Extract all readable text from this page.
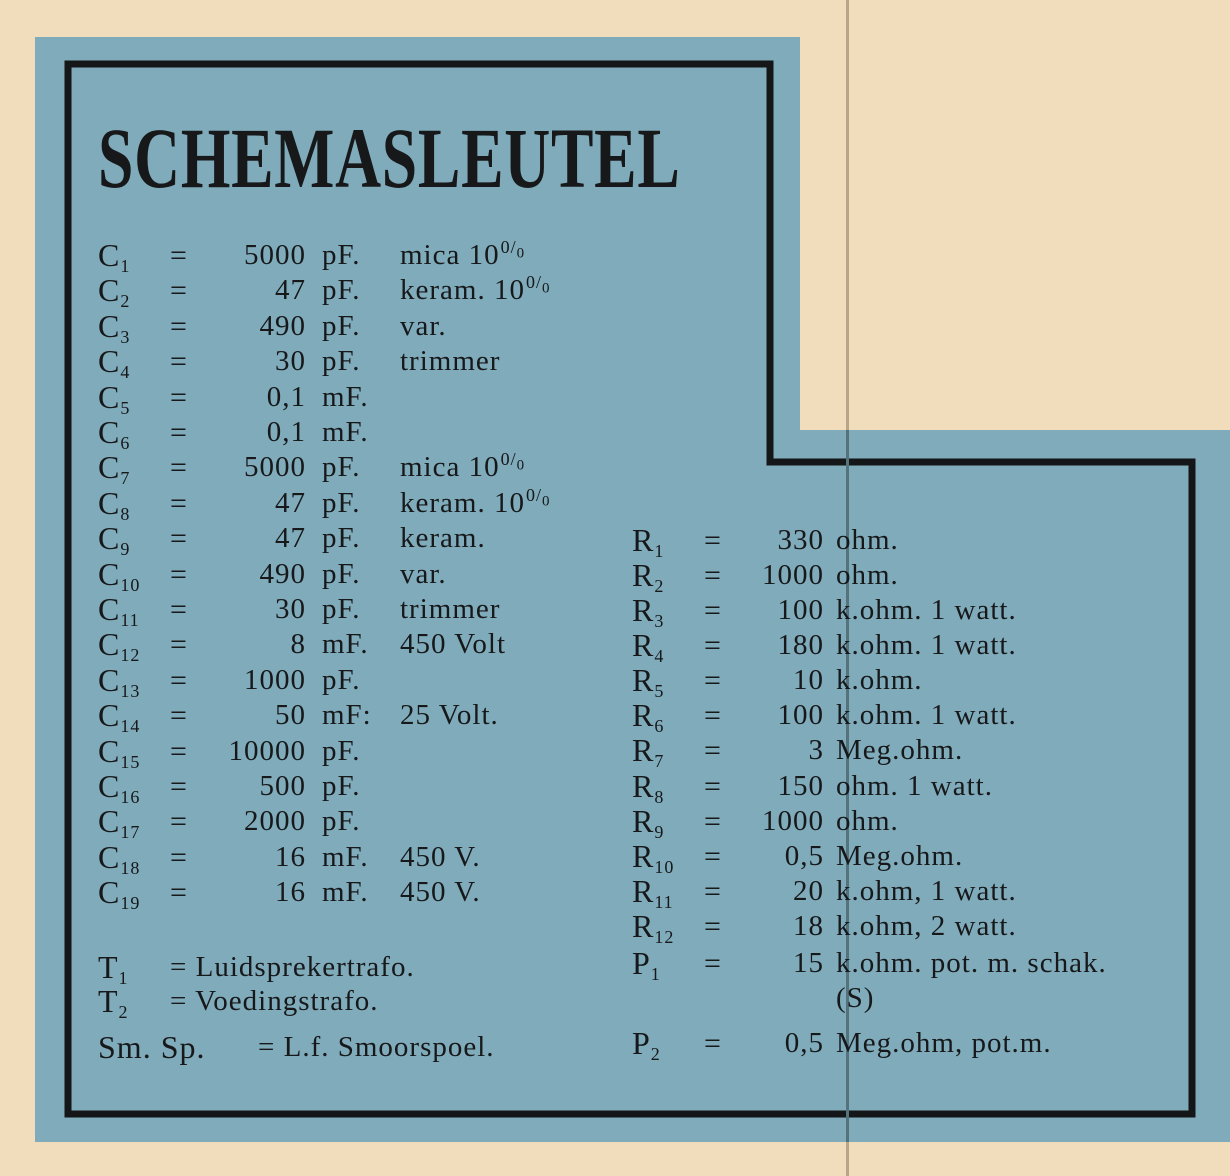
SCHEMASLEUTEL
$C_1$ =	5000 pF. mica $100/_0$
$C_2$ =	47 pF. keram. $100/_0$
$C_3$ =	490 pF. var.
$C_4$ =	30 pF. trimmer
$C_5$ =	0,1 mF.
$C_6$ =	0,1 mF.
$C_7$ =	5000 pF. mica $100/_0$
$C_8$ =	47 pF. keram. $100/_0$
$C_9$ =	47 pF. keram.
$C_{10}$ =	490 pF. var.
$C_{11}$ =	30 pF. trimmer
$C_{12}$ =	8 mF. 450 Volt
$C_{13}$ =	1000 pF.
$C_{14}$ =	50 mF: 25 Volt.
$C_{15}$ =	10000 pF.
$C_{16}$ =	500 pF.
$C_{17}$ =	2000 pF.
$C_{18}$ =	16 mF. 450 V.
$C_{19}$ =	16 mF. 450 V.
$T_1$ = Luidsprekertrafo.
$T_2$ = Voedingstrafo.
Sm. Sp. = L.f. Smoorspoel.
$R_1$ =	330 ohm.
$R_2$ =	1000 ohm.
$R_3$ =	100 k.ohm. 1 watt.
$R_4$ =	180 k.ohm. 1 watt.
$R_5$ =	10 k.ohm.
$R_6$ =	100 k.ohm. 1 watt.
$R_7$ =	3 Meg.ohm.
$R_8$ =	150 ohm. 1 watt.
$R_9$ =	1000 ohm.
$R_{10}$ =	0,5 Meg.ohm.
$R_{11}$ =	20 k.ohm, 1 watt.
$R_{12}$ =	18 k.ohm, 2 watt.
$P_1$ =	15 k.ohm. pot. m. schak.
(S)
$P_2$ =	0,5 Meg.ohm, pot.m.
